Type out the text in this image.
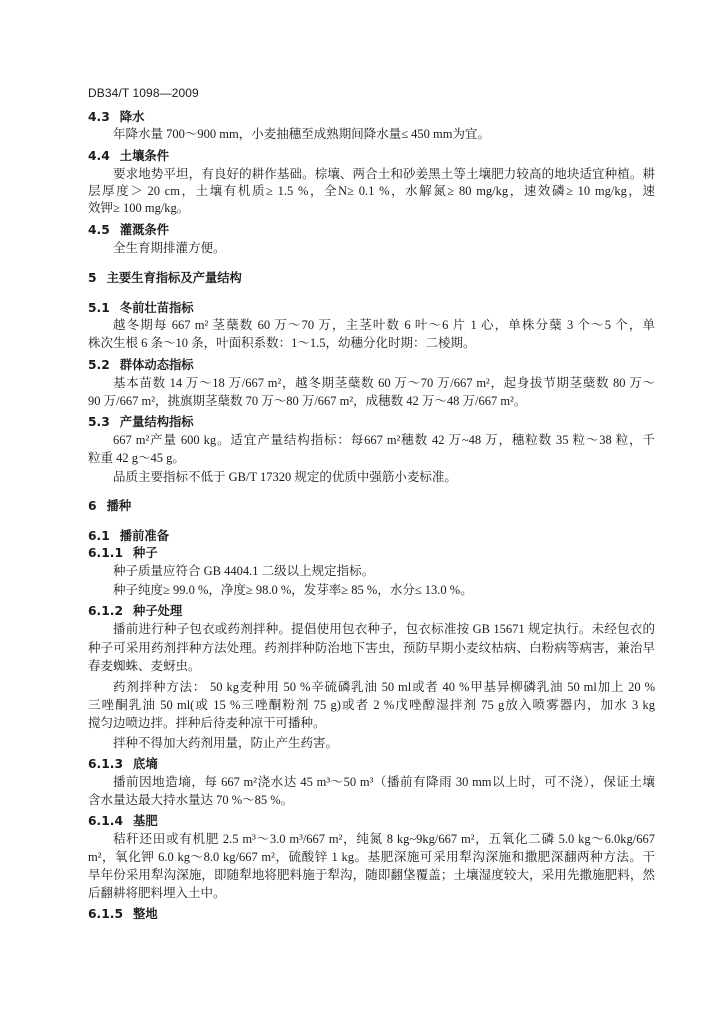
DB34/T 1098—2009
4.3 降水
年降水量 700～900 mm，小麦抽穗至成熟期间降水量≤ 450 mm为宜。
4.4 土壤条件
要求地势平坦，有良好的耕作基础。棕壤、两合土和砂姜黑土等土壤肥力较高的地块适宜种植。耕
层厚度＞ 20 cm，土壤有机质≥ 1.5 %，全N≥ 0.1 %，水解氮≥ 80 mg/kg，速效磷≥ 10 mg/kg，速
效钾≥ 100 mg/kg。
4.5 灌溉条件
全生育期排灌方便。
5 主要生育指标及产量结构
5.1 冬前壮苗指标
越冬期每 667 m² 茎蘖数 60 万～70 万，主茎叶数 6 叶～6 片 1 心，单株分蘖 3 个～5 个，单
株次生根 6 条～10 条，叶面积系数：1～1.5，幼穗分化时期：二棱期。
5.2 群体动态指标
基本苗数 14 万～18 万/667 m²，越冬期茎蘖数 60 万～70 万/667 m²，起身拔节期茎蘖数 80 万～
90 万/667 m²，挑旗期茎蘖数 70 万～80 万/667 m²，成穗数 42 万～48 万/667 m²。
5.3 产量结构指标
667 m²产量 600 kg。适宜产量结构指标：每667 m²穗数 42 万~48 万，穗粒数 35 粒～38 粒，千
粒重 42 g～45 g。
品质主要指标不低于 GB/T 17320 规定的优质中强筋小麦标准。
6 播种
6.1 播前准备
6.1.1 种子
种子质量应符合 GB 4404.1 二级以上规定指标。
种子纯度≥ 99.0 %，净度≥ 98.0 %，发芽率≥ 85 %，水分≤ 13.0 %。
6.1.2 种子处理
播前进行种子包衣或药剂拌种。提倡使用包衣种子，包衣标准按 GB 15671 规定执行。未经包衣的
种子可采用药剂拌种方法处理。药剂拌种防治地下害虫，预防早期小麦纹枯病、白粉病等病害，兼治早
春麦蜘蛛、麦蚜虫。
药剂拌种方法： 50 kg麦种用 50 %辛硫磷乳油 50 ml或者 40 %甲基异柳磷乳油 50 ml加上 20 %
三唑酮乳油 50 ml(或 15 %三唑酮粉剂 75 g)或者 2 %戊唑醇湿拌剂 75 g放入喷雾器内，加水 3 kg
搅匀边喷边拌。拌种后待麦种凉干可播种。
拌种不得加大药剂用量，防止产生药害。
6.1.3 底墒
播前因地造墒，每 667 m²浇水达 45 m³～50 m³（播前有降雨 30 mm以上时，可不浇），保证土壤
含水量达最大持水量达 70 %～85 %。
6.1.4 基肥
秸秆还田或有机肥 2.5 m³～3.0 m³/667 m²，纯氮 8 kg~9kg/667 m²，五氧化二磷 5.0 kg～6.0kg/667
m²，氧化钾 6.0 kg～8.0 kg/667 m²，硫酸锌 1 kg。基肥深施可采用犁沟深施和撒肥深翻两种方法。干
旱年份采用犁沟深施，即随犁地将肥料施于犁沟，随即翻垡覆盖；土壤湿度较大，采用先撒施肥料，然
后翻耕将肥料埋入土中。
6.1.5 整地
